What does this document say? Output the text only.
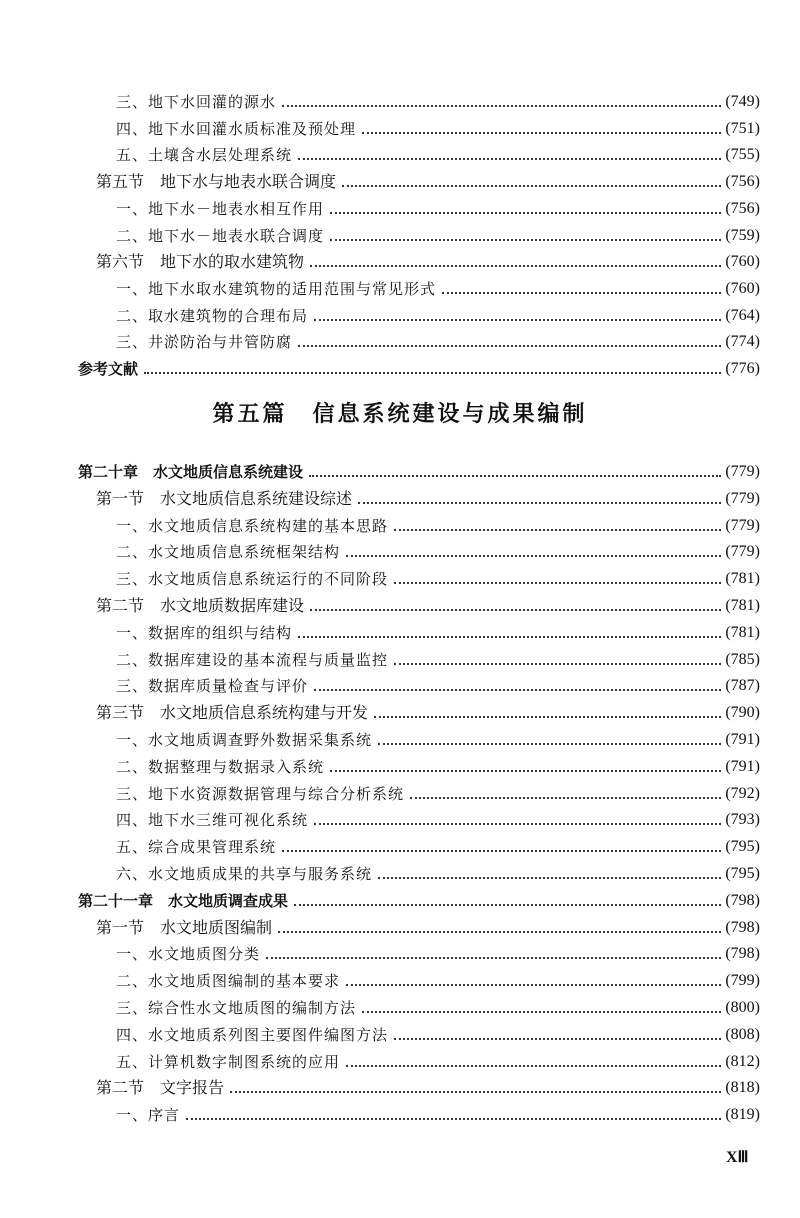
三、地下水回灌的源水	(749)
四、地下水回灌水质标准及预处理	(751)
五、土壤含水层处理系统	(755)
第五节　地下水与地表水联合调度	(756)
一、地下水－地表水相互作用	(756)
二、地下水－地表水联合调度	(759)
第六节　地下水的取水建筑物	(760)
一、地下水取水建筑物的适用范围与常见形式	(760)
二、取水建筑物的合理布局	(764)
三、井淤防治与井管防腐	(774)
参考文献	(776)
第五篇　信息系统建设与成果编制
第二十章　水文地质信息系统建设	(779)
第一节　水文地质信息系统建设综述	(779)
一、水文地质信息系统构建的基本思路	(779)
二、水文地质信息系统框架结构	(779)
三、水文地质信息系统运行的不同阶段	(781)
第二节　水文地质数据库建设	(781)
一、数据库的组织与结构	(781)
二、数据库建设的基本流程与质量监控	(785)
三、数据库质量检查与评价	(787)
第三节　水文地质信息系统构建与开发	(790)
一、水文地质调查野外数据采集系统	(791)
二、数据整理与数据录入系统	(791)
三、地下水资源数据管理与综合分析系统	(792)
四、地下水三维可视化系统	(793)
五、综合成果管理系统	(795)
六、水文地质成果的共享与服务系统	(795)
第二十一章　水文地质调查成果	(798)
第一节　水文地质图编制	(798)
一、水文地质图分类	(798)
二、水文地质图编制的基本要求	(799)
三、综合性水文地质图的编制方法	(800)
四、水文地质系列图主要图件编图方法	(808)
五、计算机数字制图系统的应用	(812)
第二节　文字报告	(818)
一、序言	(819)
XⅢ
